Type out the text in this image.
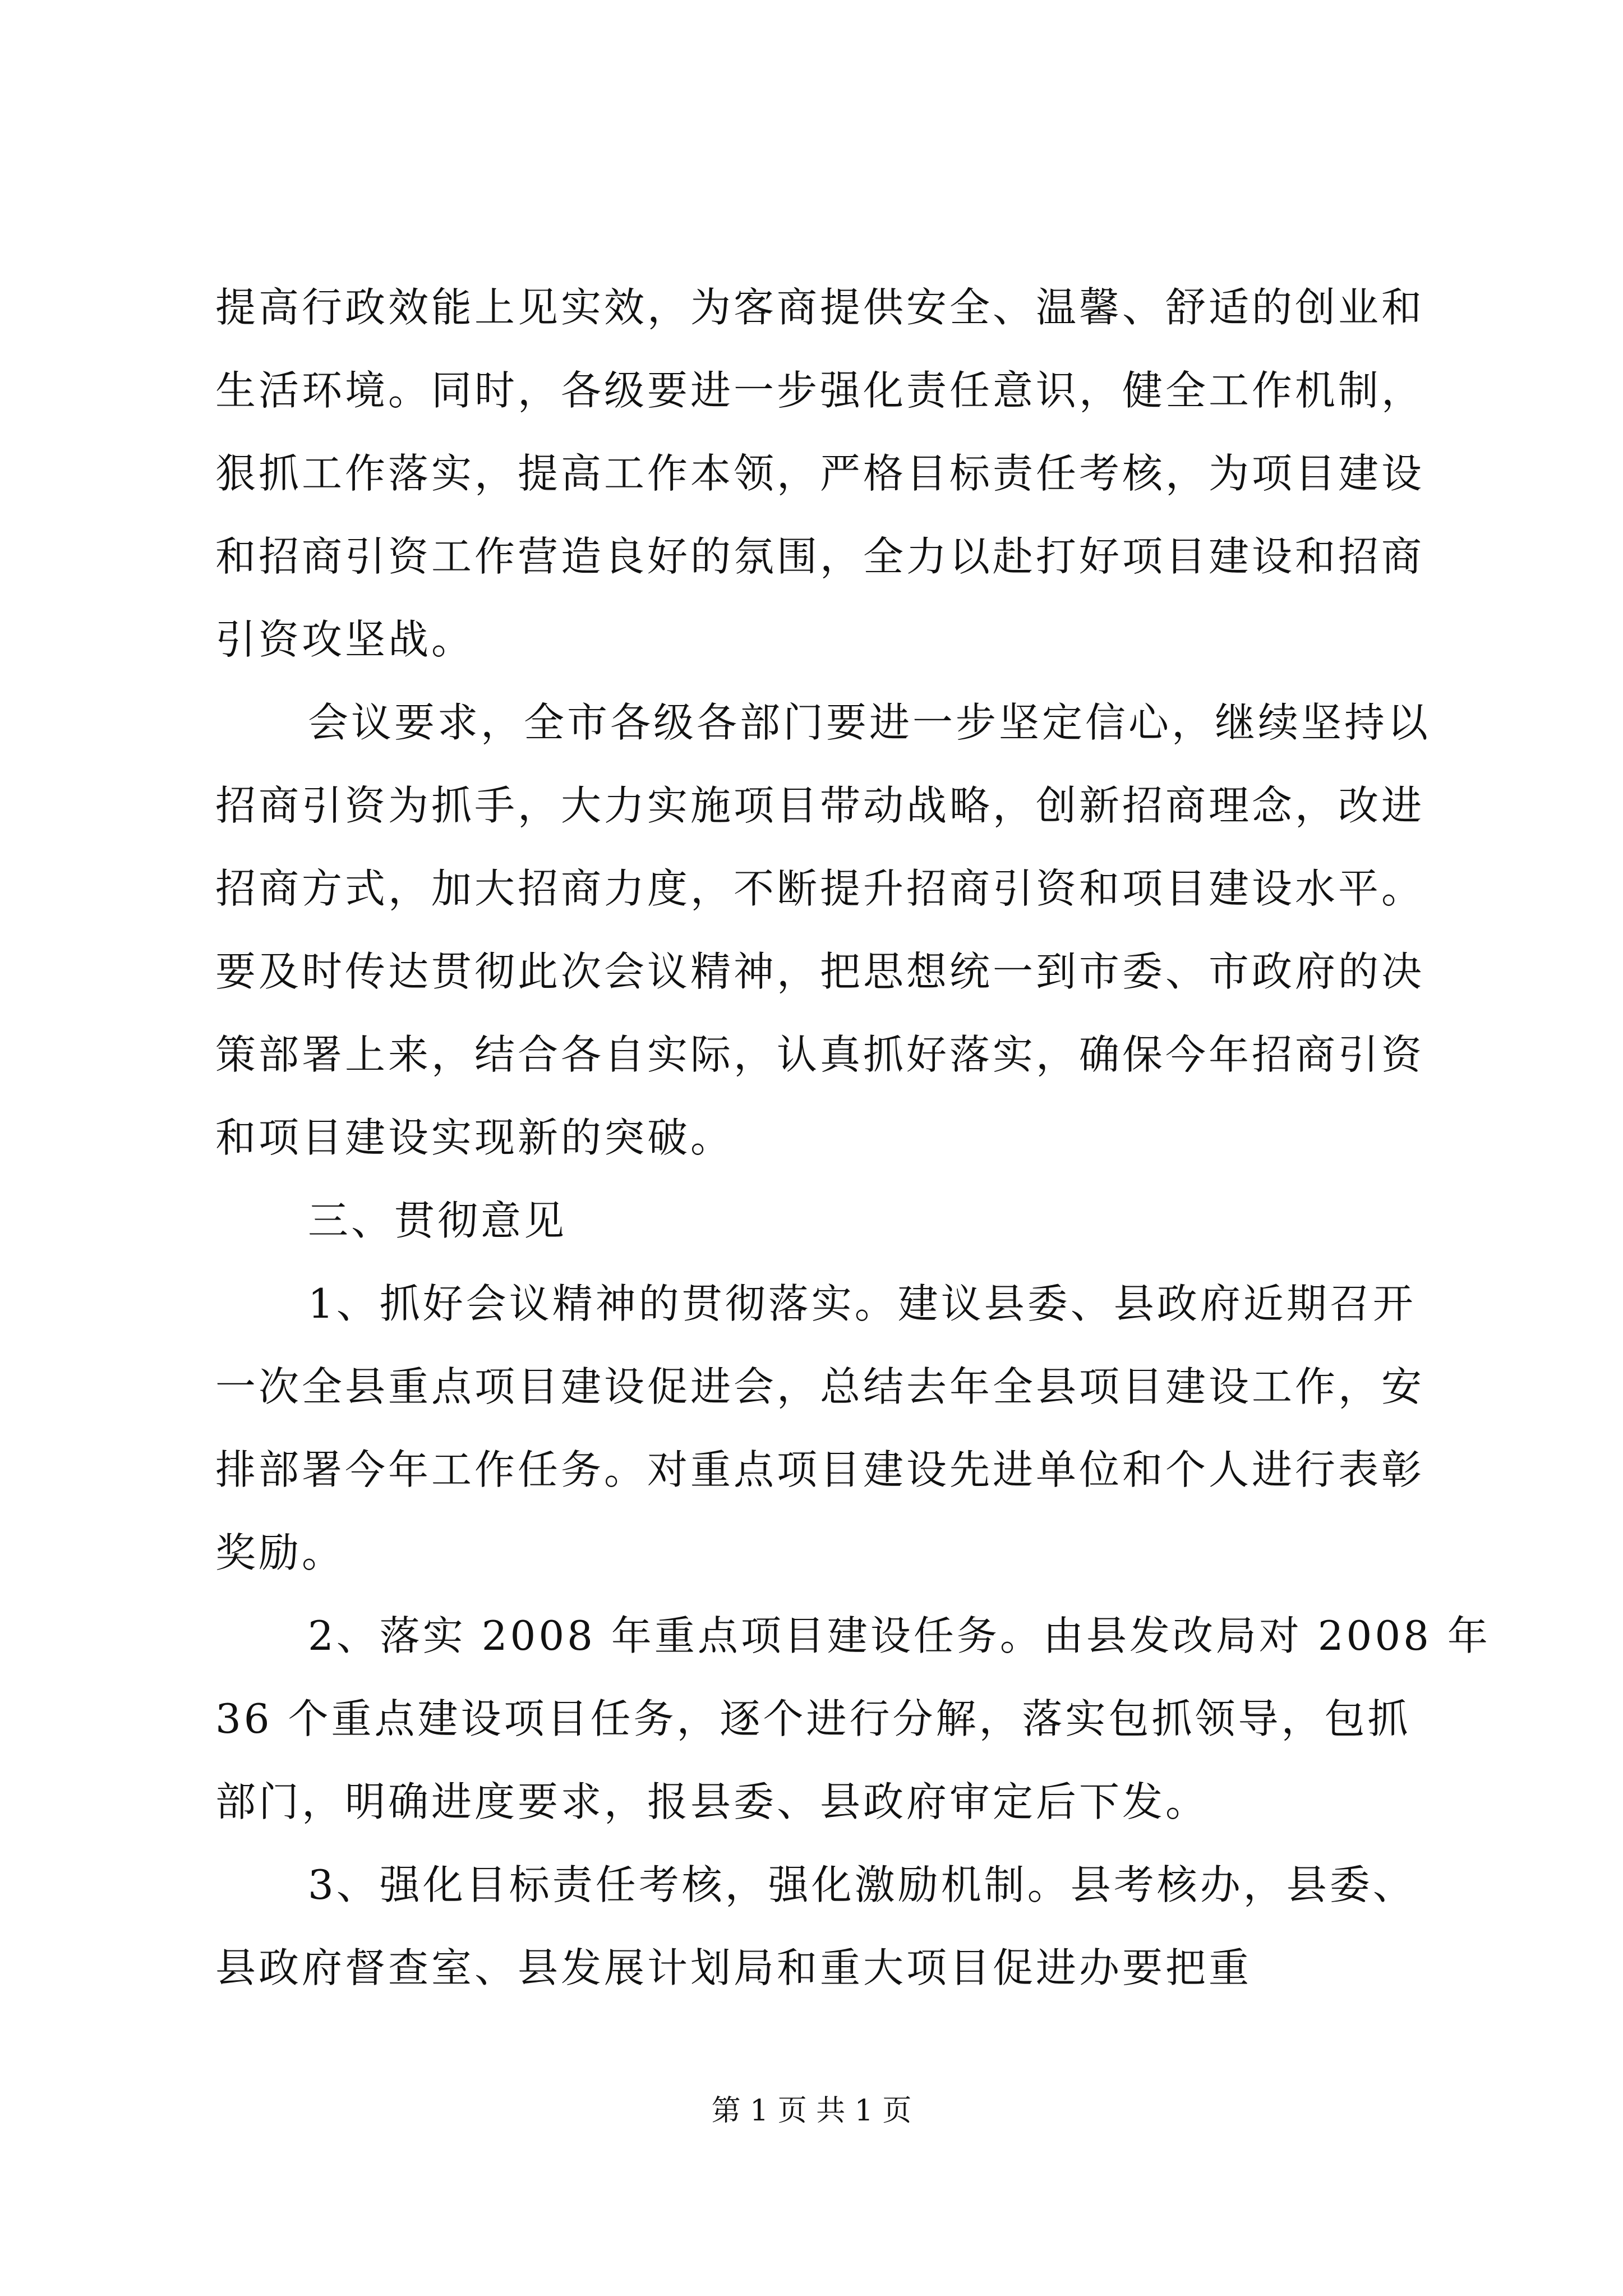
提高行政效能上见实效，为客商提供安全、温馨、舒适的创业和
生活环境。同时，各级要进一步强化责任意识，健全工作机制，
狠抓工作落实，提高工作本领，严格目标责任考核，为项目建设
和招商引资工作营造良好的氛围，全力以赴打好项目建设和招商
引资攻坚战。
会议要求，全市各级各部门要进一步坚定信心，继续坚持以
招商引资为抓手，大力实施项目带动战略，创新招商理念，改进
招商方式，加大招商力度，不断提升招商引资和项目建设水平。
要及时传达贯彻此次会议精神，把思想统一到市委、市政府的决
策部署上来，结合各自实际，认真抓好落实，确保今年招商引资
和项目建设实现新的突破。
三、贯彻意见
1、抓好会议精神的贯彻落实。建议县委、县政府近期召开
一次全县重点项目建设促进会，总结去年全县项目建设工作，安
排部署今年工作任务。对重点项目建设先进单位和个人进行表彰
奖励。
2、落实 2008 年重点项目建设任务。由县发改局对 2008 年
36 个重点建设项目任务，逐个进行分解，落实包抓领导，包抓
部门，明确进度要求，报县委、县政府审定后下发。
3、强化目标责任考核，强化激励机制。县考核办，县委、
县政府督查室、县发展计划局和重大项目促进办要把重
第 1 页 共 1 页
